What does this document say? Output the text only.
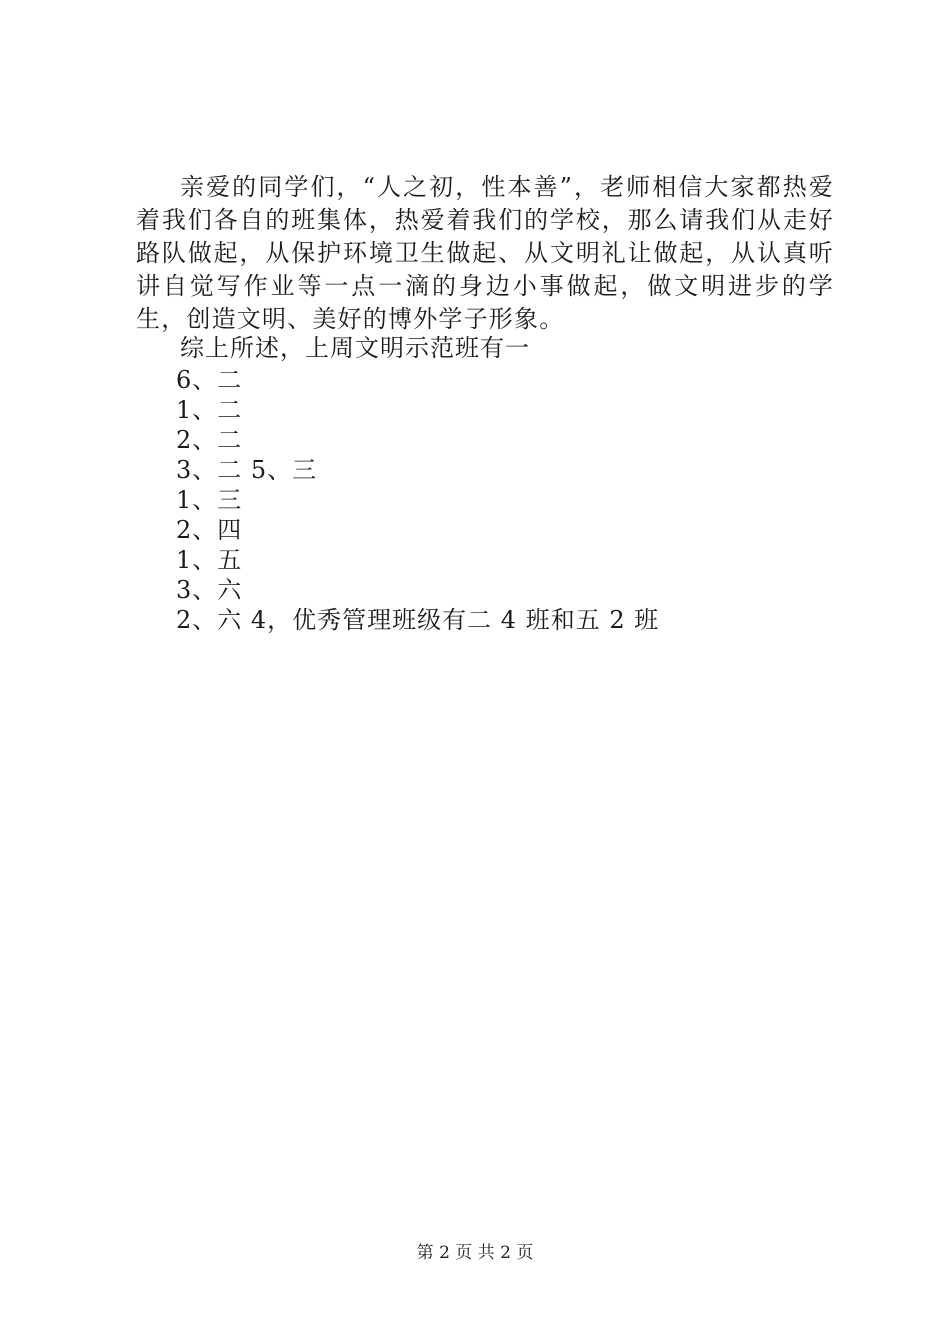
亲爱的同学们，“人之初，性本善”，老师相信大家都热爱着我们各自的班集体，热爱着我们的学校，那么请我们从走好路队做起，从保护环境卫生做起、从文明礼让做起，从认真听讲自觉写作业等一点一滴的身边小事做起，做文明进步的学生，创造文明、美好的博外学子形象。

综上所述，上周文明示范班有一

6、二
1、二
2、二
3、二 5、三
1、三
2、四
1、五
3、六
2、六 4，优秀管理班级有二 4 班和五 2 班
第 2 页 共 2 页
